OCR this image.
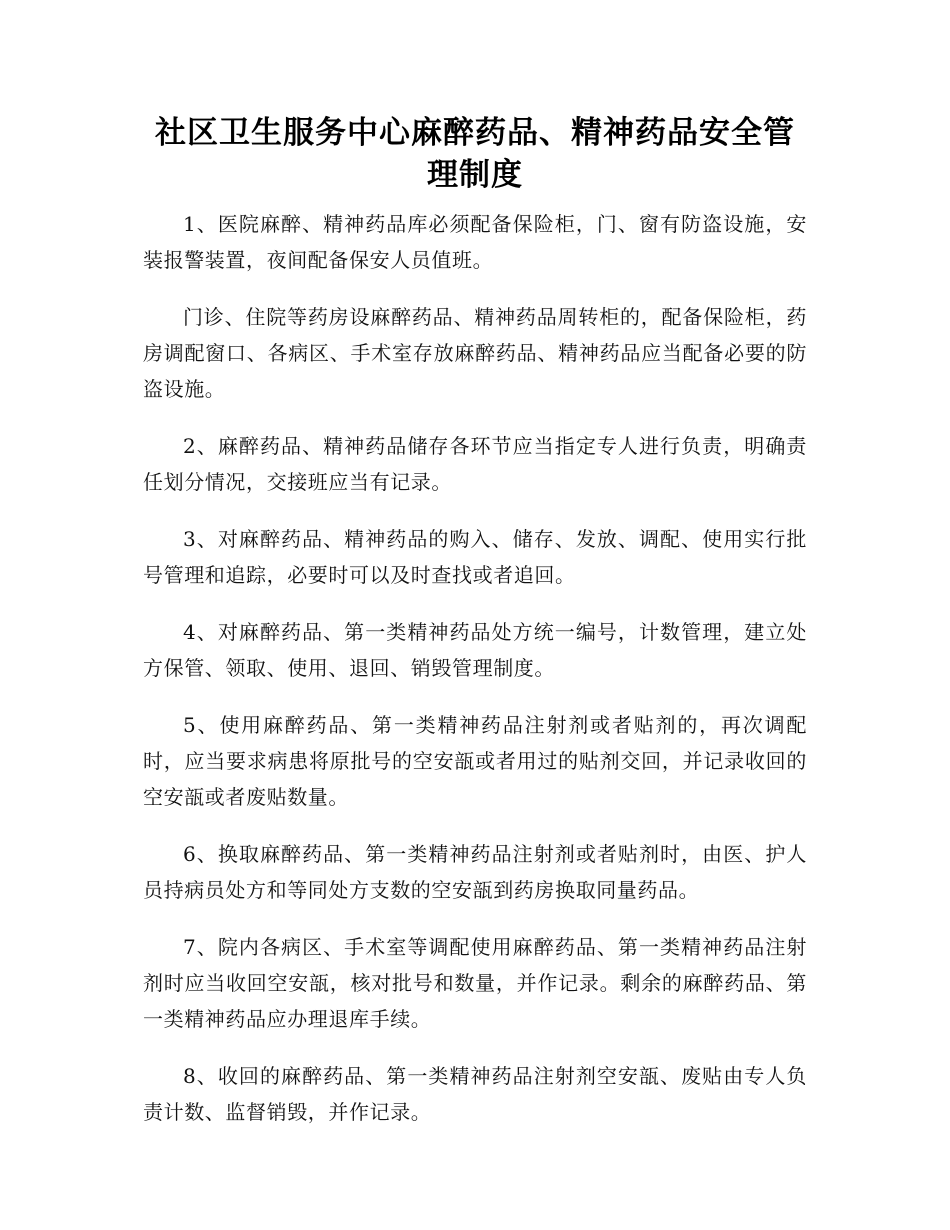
社区卫生服务中心麻醉药品、精神药品安全管理制度

1、医院麻醉、精神药品库必须配备保险柜，门、窗有防盗设施，安装报警装置，夜间配备保安人员值班。

门诊、住院等药房设麻醉药品、精神药品周转柜的，配备保险柜，药房调配窗口、各病区、手术室存放麻醉药品、精神药品应当配备必要的防盗设施。

2、麻醉药品、精神药品储存各环节应当指定专人进行负责，明确责任划分情况，交接班应当有记录。

3、对麻醉药品、精神药品的购入、储存、发放、调配、使用实行批号管理和追踪，必要时可以及时查找或者追回。

4、对麻醉药品、第一类精神药品处方统一编号，计数管理，建立处方保管、领取、使用、退回、销毁管理制度。

5、使用麻醉药品、第一类精神药品注射剂或者贴剂的，再次调配时，应当要求病患将原批号的空安瓿或者用过的贴剂交回，并记录收回的空安瓿或者废贴数量。

6、换取麻醉药品、第一类精神药品注射剂或者贴剂时，由医、护人员持病员处方和等同处方支数的空安瓿到药房换取同量药品。

7、院内各病区、手术室等调配使用麻醉药品、第一类精神药品注射剂时应当收回空安瓿，核对批号和数量，并作记录。剩余的麻醉药品、第一类精神药品应办理退库手续。

8、收回的麻醉药品、第一类精神药品注射剂空安瓿、废贴由专人负责计数、监督销毁，并作记录。
